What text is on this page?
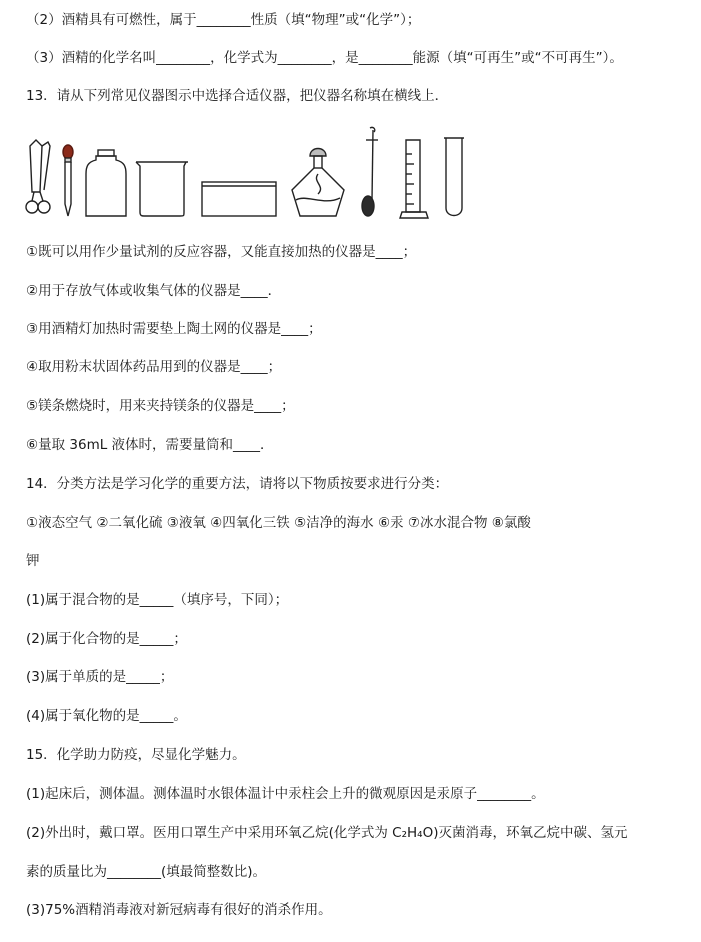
（2）酒精具有可燃性，属于________性质（填“物理”或“化学”）；
（3）酒精的化学名叫________，化学式为________，是________能源（填“可再生”或“不可再生”）。
13．请从下列常见仪器图示中选择合适仪器，把仪器名称填在横线上．
①既可以用作少量试剂的反应容器，又能直接加热的仪器是____；
②用于存放气体或收集气体的仪器是____．
③用酒精灯加热时需要垫上陶土网的仪器是____；
④取用粉末状固体药品用到的仪器是____；
⑤镁条燃烧时，用来夹持镁条的仪器是____；
⑥量取 36mL 液体时，需要量筒和____．
14．分类方法是学习化学的重要方法，请将以下物质按要求进行分类：
①液态空气 ②二氧化硫 ③液氧 ④四氧化三铁 ⑤洁净的海水 ⑥汞 ⑦冰水混合物 ⑧氯酸
钾
(1)属于混合物的是_____（填序号，下同）；
(2)属于化合物的是_____；
(3)属于单质的是_____；
(4)属于氧化物的是_____。
15．化学助力防疫，尽显化学魅力。
(1)起床后，测体温。测体温时水银体温计中汞柱会上升的微观原因是汞原子________。
(2)外出时，戴口罩。医用口罩生产中采用环氧乙烷(化学式为 C₂H₄O)灭菌消毒，环氧乙烷中碳、氢元
素的质量比为________(填最简整数比)。
(3)75%酒精消毒液对新冠病毒有很好的消杀作用。
